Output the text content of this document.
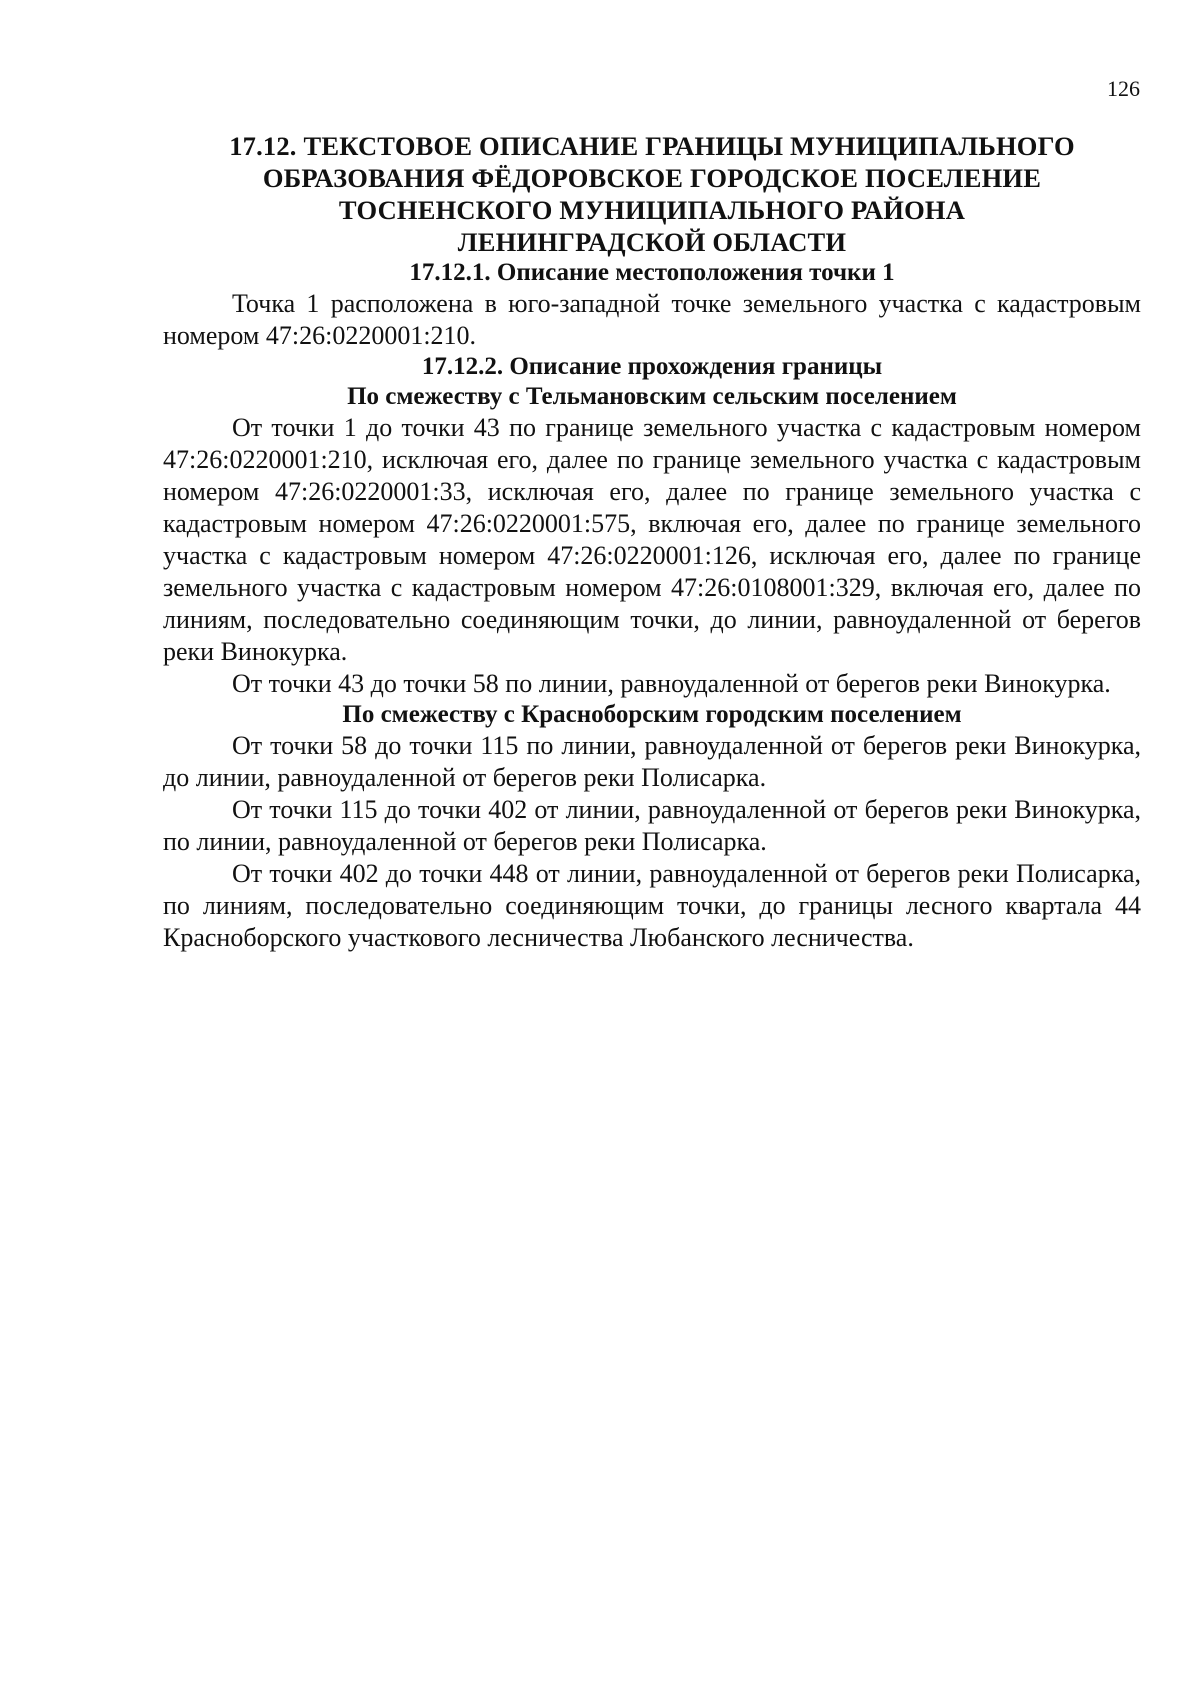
126
17.12. ТЕКСТОВОЕ ОПИСАНИЕ ГРАНИЦЫ МУНИЦИПАЛЬНОГО
ОБРАЗОВАНИЯ ФЁДОРОВСКОЕ ГОРОДСКОЕ ПОСЕЛЕНИЕ
ТОСНЕНСКОГО МУНИЦИПАЛЬНОГО РАЙОНА
ЛЕНИНГРАДСКОЙ ОБЛАСТИ
17.12.1. Описание местоположения точки 1

Точка 1 расположена в юго-западной точке земельного участка с кадастровым номером 47:26:0220001:210.

17.12.2. Описание прохождения границы
По смежеству с Тельмановским сельским поселением

От точки 1 до точки 43 по границе земельного участка с кадастровым номером 47:26:0220001:210, исключая его, далее по границе земельного участка с кадастровым номером 47:26:0220001:33, исключая его, далее по границе земельного участка с кадастровым номером 47:26:0220001:575, включая его, далее по границе земельного участка с кадастровым номером 47:26:0220001:126, исключая его, далее по границе земельного участка с кадастровым номером 47:26:0108001:329, включая его, далее по линиям, последовательно соединяющим точки, до линии, равноудаленной от берегов реки Винокурка.

От точки 43 до точки 58 по линии, равноудаленной от берегов реки Винокурка.

По смежеству с Красноборским городским поселением

От точки 58 до точки 115 по линии, равноудаленной от берегов реки Винокурка, до линии, равноудаленной от берегов реки Полисарка.

От точки 115 до точки 402 от линии, равноудаленной от берегов реки Винокурка, по линии, равноудаленной от берегов реки Полисарка.

От точки 402 до точки 448 от линии, равноудаленной от берегов реки Полисарка, по линиям, последовательно соединяющим точки, до границы лесного квартала 44 Красноборского участкового лесничества Любанского лесничества.
